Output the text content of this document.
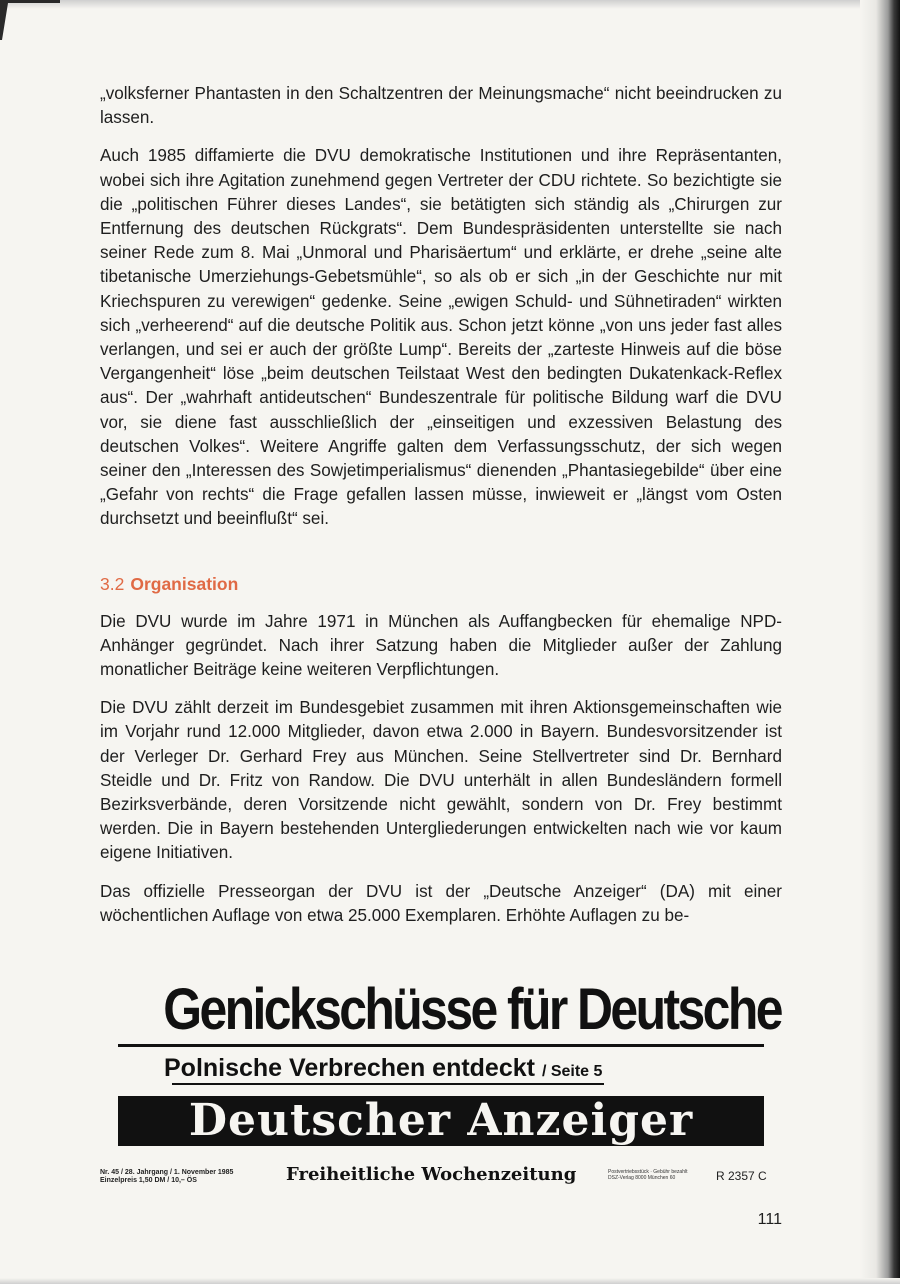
„volksferner Phantasten in den Schaltzentren der Meinungsmache“ nicht beeindrucken zu lassen.

Auch 1985 diffamierte die DVU demokratische Institutionen und ihre Repräsentanten, wobei sich ihre Agitation zunehmend gegen Vertreter der CDU richtete. So bezichtigte sie die „politischen Führer dieses Landes“, sie betätigten sich ständig als „Chirurgen zur Entfernung des deutschen Rückgrats“. Dem Bundespräsidenten unterstellte sie nach seiner Rede zum 8. Mai „Unmoral und Pharisäertum“ und erklärte, er drehe „seine alte tibetanische Umerziehungs-Gebetsmühle“, so als ob er sich „in der Geschichte nur mit Kriechspuren zu verewigen“ gedenke. Seine „ewigen Schuld- und Sühnetiraden“ wirkten sich „verheerend“ auf die deutsche Politik aus. Schon jetzt könne „von uns jeder fast alles verlangen, und sei er auch der größte Lump“. Bereits der „zarteste Hinweis auf die böse Vergangenheit“ löse „beim deutschen Teilstaat West den bedingten Dukatenkack-Reflex aus“. Der „wahrhaft antideutschen“ Bundeszentrale für politische Bildung warf die DVU vor, sie diene fast ausschließlich der „einseitigen und exzessiven Belastung des deutschen Volkes“. Weitere Angriffe galten dem Verfassungsschutz, der sich wegen seiner den „Interessen des Sowjetimperialismus“ dienenden „Phantasiegebilde“ über eine „Gefahr von rechts“ die Frage gefallen lassen müsse, inwieweit er „längst vom Osten durchsetzt und beeinflußt“ sei.

3.2 Organisation

Die DVU wurde im Jahre 1971 in München als Auffangbecken für ehemalige NPD-Anhänger gegründet. Nach ihrer Satzung haben die Mitglieder außer der Zahlung monatlicher Beiträge keine weiteren Verpflichtungen.

Die DVU zählt derzeit im Bundesgebiet zusammen mit ihren Aktionsgemeinschaften wie im Vorjahr rund 12.000 Mitglieder, davon etwa 2.000 in Bayern. Bundesvorsitzender ist der Verleger Dr. Gerhard Frey aus München. Seine Stellvertreter sind Dr. Bernhard Steidle und Dr. Fritz von Randow. Die DVU unterhält in allen Bundesländern formell Bezirksverbände, deren Vorsitzende nicht gewählt, sondern von Dr. Frey bestimmt werden. Die in Bayern bestehenden Untergliederungen entwickelten nach wie vor kaum eigene Initiativen.

Das offizielle Presseorgan der DVU ist der „Deutsche Anzeiger“ (DA) mit einer wöchentlichen Auflage von etwa 25.000 Exemplaren. Erhöhte Auflagen zu be-

Genickschüsse für Deutsche
Polnische Verbrechen entdeckt / Seite 5
Deutscher Anzeiger
Nr. 45 / 28. Jahrgang / 1. November 1985
Einzelpreis 1,50 DM / 10,– ÖS	Freiheitliche Wochenzeitung	Postvertriebsstück · Gebühr bezahlt
DSZ-Verlag 8000 München 60	R 2357 C
111
